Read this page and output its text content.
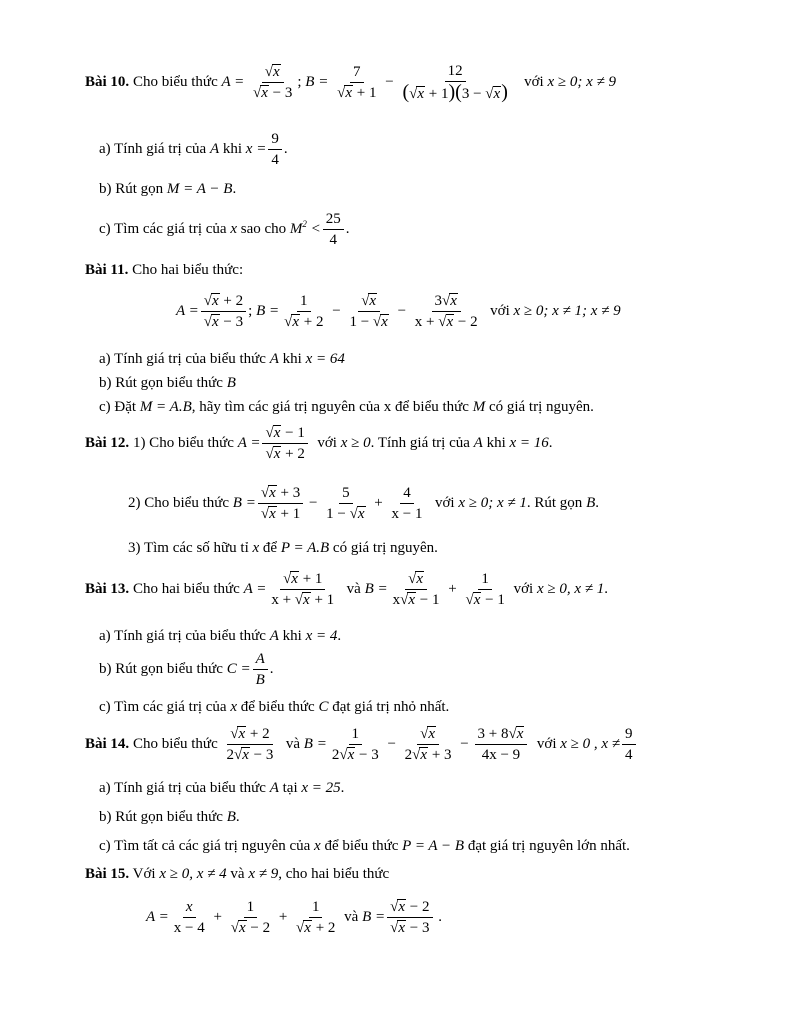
Bài 10. Cho biểu thức $A = \frac{√x}{√x - 3}$ ; $B = \frac{7}{√x + 1} - \frac{12}{(√x + 1)(3 - √x)}$ với x ≥ 0; x ≠ 9
a) Tính giá trị của A khi $x = \frac{9}{4}$ .
b) Rút gọn M = A − B.
c) Tìm các giá trị của x sao cho $M^2 < \frac{25}{4}$ .
Bài 11. Cho hai biểu thức:
$A = \frac{√x + 2}{√x - 3}$ ; $B = \frac{1}{√x + 2} - \frac{√x}{1 - √x} - \frac{3√x}{x + √x - 2}$ với x ≥ 0; x ≠ 1; x ≠ 9
a) Tính giá trị của biểu thức A khi x = 64
b) Rút gọn biểu thức B
c) Đặt M = A.B, hãy tìm các giá trị nguyên của x để biểu thức M có giá trị nguyên.
Bài 12. 1) Cho biểu thức $A = \frac{√x - 1}{√x + 2}$ với x ≥ 0. Tính giá trị của A khi x = 16.
2) Cho biểu thức $B = \frac{√x + 3}{√x + 1} - \frac{5}{1 - √x} + \frac{4}{x - 1}$ với x ≥ 0; x ≠ 1. Rút gọn B.
3) Tìm các số hữu tỉ x để P = A.B có giá trị nguyên.
Bài 13. Cho hai biểu thức $A = \frac{√x + 1}{x + √x + 1}$ và $B = \frac{√x}{x√x - 1} + \frac{1}{√x - 1}$ với x ≥ 0, x ≠ 1.
a) Tính giá trị của biểu thức A khi x = 4.
b) Rút gọn biểu thức $C = \frac{A}{B}$ .
c) Tìm các giá trị của x để biểu thức C đạt giá trị nhỏ nhất.
Bài 14. Cho biểu thức $\frac{√x + 2}{2√x - 3}$ và $B = \frac{1}{2√x - 3} - \frac{√x}{2√x + 3} - \frac{3 + 8√x}{4x - 9}$ với x ≥ 0 , $x \ne \frac{9}{4}$
a) Tính giá trị của biểu thức A tại x = 25.
b) Rút gọn biểu thức B.
c) Tìm tất cả các giá trị nguyên của x để biểu thức P = A − B đạt giá trị nguyên lớn nhất.
Bài 15. Với x ≥ 0, x ≠ 4 và x ≠ 9, cho hai biểu thức
$A = \frac{x}{x - 4} + \frac{1}{√x - 2} + \frac{1}{√x + 2}$ và $B = \frac{√x - 2}{√x - 3}$ .
